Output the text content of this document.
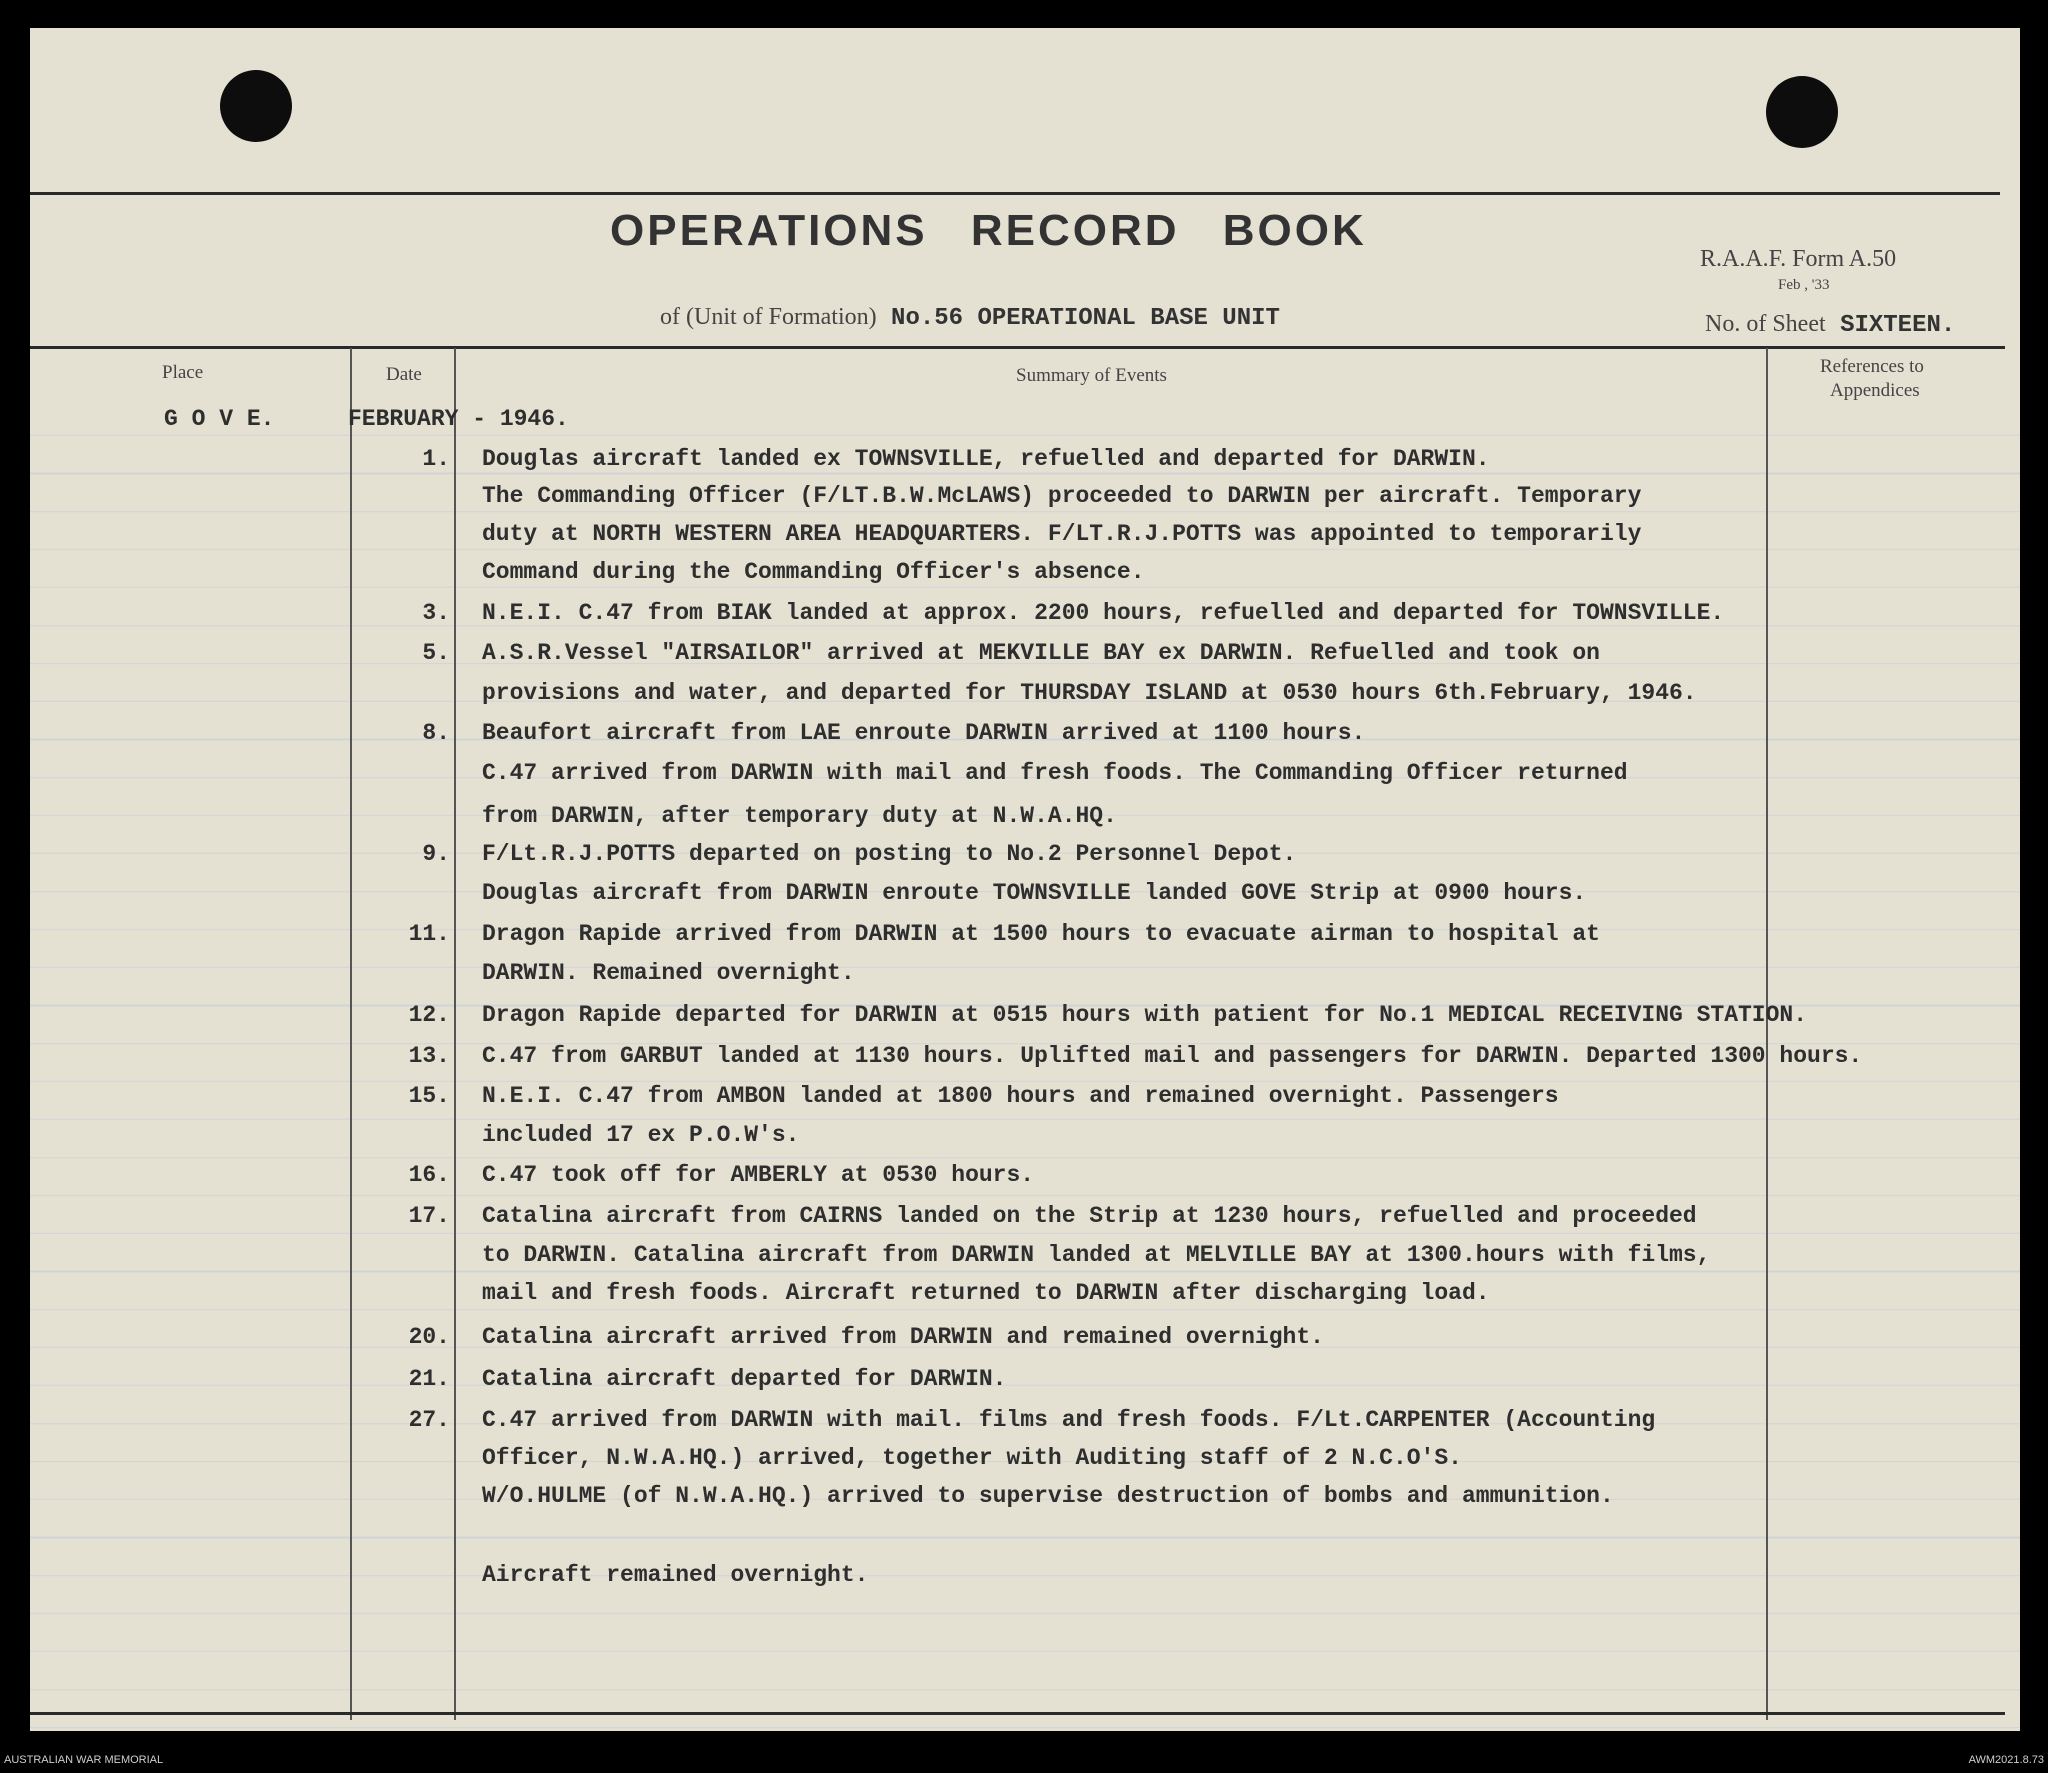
OPERATIONS RECORD BOOK
of (Unit of Formation) No.56 OPERATIONAL BASE UNIT
R.A.A.F. Form A.50
Feb , '33
No. of Sheet SIXTEEN.
Place	Date	Summary of Events	References to
Appendices
G O V E.	FEBRUARY - 1946.
1. Douglas aircraft landed ex TOWNSVILLE, refuelled and departed for DARWIN.
The Commanding Officer (F/LT.B.W.McLAWS) proceeded to DARWIN per aircraft. Temporary
duty at NORTH WESTERN AREA HEADQUARTERS. F/LT.R.J.POTTS was appointed to temporarily
Command during the Commanding Officer's absence.
3. N.E.I. C.47 from BIAK landed at approx. 2200 hours, refuelled and departed for TOWNSVILLE.
5. A.S.R.Vessel "AIRSAILOR" arrived at MEKVILLE BAY ex DARWIN. Refuelled and took on
provisions and water, and departed for THURSDAY ISLAND at 0530 hours 6th.February, 1946.
8. Beaufort aircraft from LAE enroute DARWIN arrived at 1100 hours.
C.47 arrived from DARWIN with mail and fresh foods. The Commanding Officer returned
from DARWIN, after temporary duty at N.W.A.HQ.
9. F/Lt.R.J.POTTS departed on posting to No.2 Personnel Depot.
Douglas aircraft from DARWIN enroute TOWNSVILLE landed GOVE Strip at 0900 hours.
11. Dragon Rapide arrived from DARWIN at 1500 hours to evacuate airman to hospital at
DARWIN. Remained overnight.
12. Dragon Rapide departed for DARWIN at 0515 hours with patient for No.1 MEDICAL RECEIVING STATION.
13. C.47 from GARBUT landed at 1130 hours. Uplifted mail and passengers for DARWIN. Departed 1300 hours.
15. N.E.I. C.47 from AMBON landed at 1800 hours and remained overnight. Passengers
included 17 ex P.O.W's.
16. C.47 took off for AMBERLY at 0530 hours.
17. Catalina aircraft from CAIRNS landed on the Strip at 1230 hours, refuelled and proceeded
to DARWIN. Catalina aircraft from DARWIN landed at MELVILLE BAY at 1300.hours with films,
mail and fresh foods. Aircraft returned to DARWIN after discharging load.
20. Catalina aircraft arrived from DARWIN and remained overnight.
21. Catalina aircraft departed for DARWIN.
27. C.47 arrived from DARWIN with mail. films and fresh foods. F/Lt.CARPENTER (Accounting
Officer, N.W.A.HQ.) arrived, together with Auditing staff of 2 N.C.O'S.
W/O.HULME (of N.W.A.HQ.) arrived to supervise destruction of bombs and ammunition.
Aircraft remained overnight.
AUSTRALIAN WAR MEMORIAL	AWM2021.8.73
